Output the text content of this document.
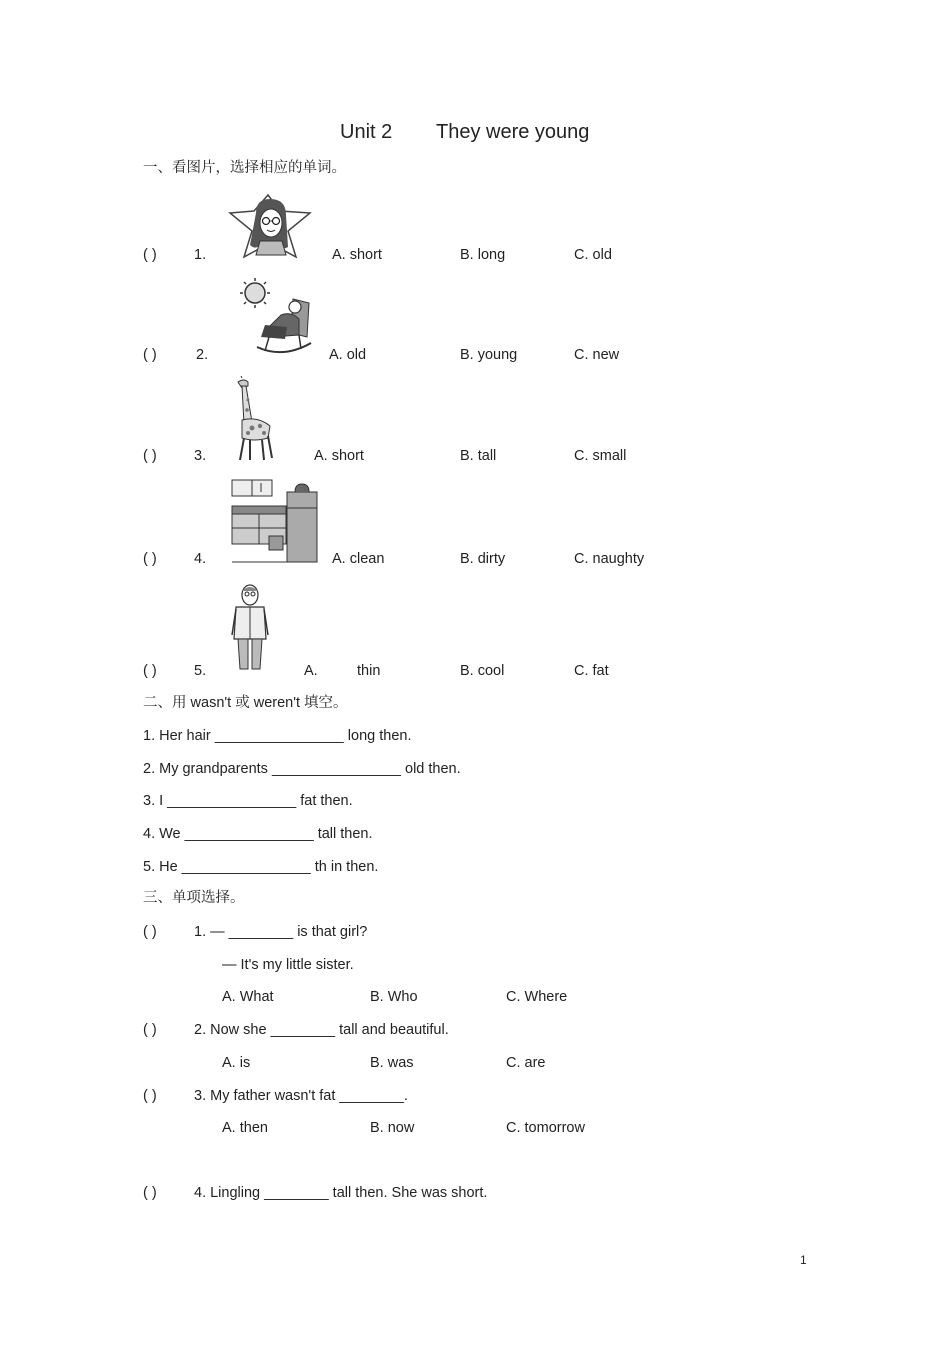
Unit 2 They were young
一、看图片，选择相应的单词。
( )	1.	A. short	B. long	C. old
( )	2.	A. old	B. young	C. new
( )	3.	A. short	B. tall	C. small
( )	4.	A. clean	B. dirty	C. naughty
( )	5.	A.	thin	B. cool	C. fat
二、用 wasn't 或 weren't 填空。
1. Her hair ________________ long then.
2. My grandparents ________________ old then.
3. I ________________ fat then.
4. We ________________ tall then.
5. He ________________ th in then.
三、单项选择。
( )	1. — ________ is that girl?
— It's my little sister.
A. What	B. Who	C. Where
( )	2. Now she ________ tall and beautiful.
A. is	B. was	C. are
( )	3. My father wasn't fat ________.
A. then	B. now	C. tomorrow
( )	4. Lingling ________ tall then. She was short.
1
